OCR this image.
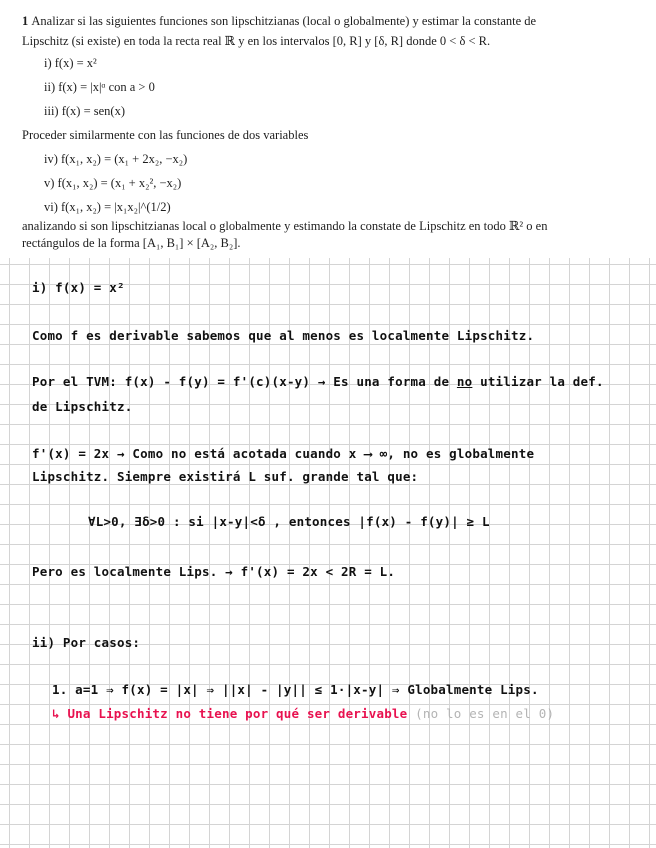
1 Analizar si las siguientes funciones son lipschitzianas (local o globalmente) y estimar la constante de

Lipschitz (si existe) en toda la recta real ℝ y en los intervalos [0, R] y [δ, R] donde 0 < δ < R.

i) f(x) = x²

ii) f(x) = |x|ᵅ con a > 0

iii) f(x) = sen(x)

Proceder similarmente con las funciones de dos variables

iv) f(x₁, x₂) = (x₁ + 2x₂, −x₂)

v) f(x₁, x₂) = (x₁ + x₂², −x₂)

vi) f(x₁, x₂) = |x₁x₂|^(1/2)

analizando si son lipschitzianas local o globalmente y estimando la constate de Lipschitz en todo ℝ² o en

rectángulos de la forma [A₁, B₁] × [A₂, B₂].

i) f(x) = x²

Como f es derivable sabemos que al menos es localmente Lipschitz.

Por el TVM: f(x) - f(y) = f'(c)(x-y) → Es una forma de no utilizar la def.

de Lipschitz.

f'(x) = 2x → Como no está acotada cuando x ⟶ ∞, no es globalmente

Lipschitz. Siempre existirá L suf. grande tal que:

∀L>0, ∃δ>0 : si |x-y|<δ , entonces |f(x) - f(y)| ≥ L

Pero es localmente Lips. → f'(x) = 2x < 2R = L.

ii) Por casos:

1. a=1 ⇒ f(x) = |x| ⇒ ||x| - |y|| ≤ 1·|x-y| ⇒ Globalmente Lips.

↳ Una Lipschitz no tiene por qué ser derivable (no lo es en el 0)
